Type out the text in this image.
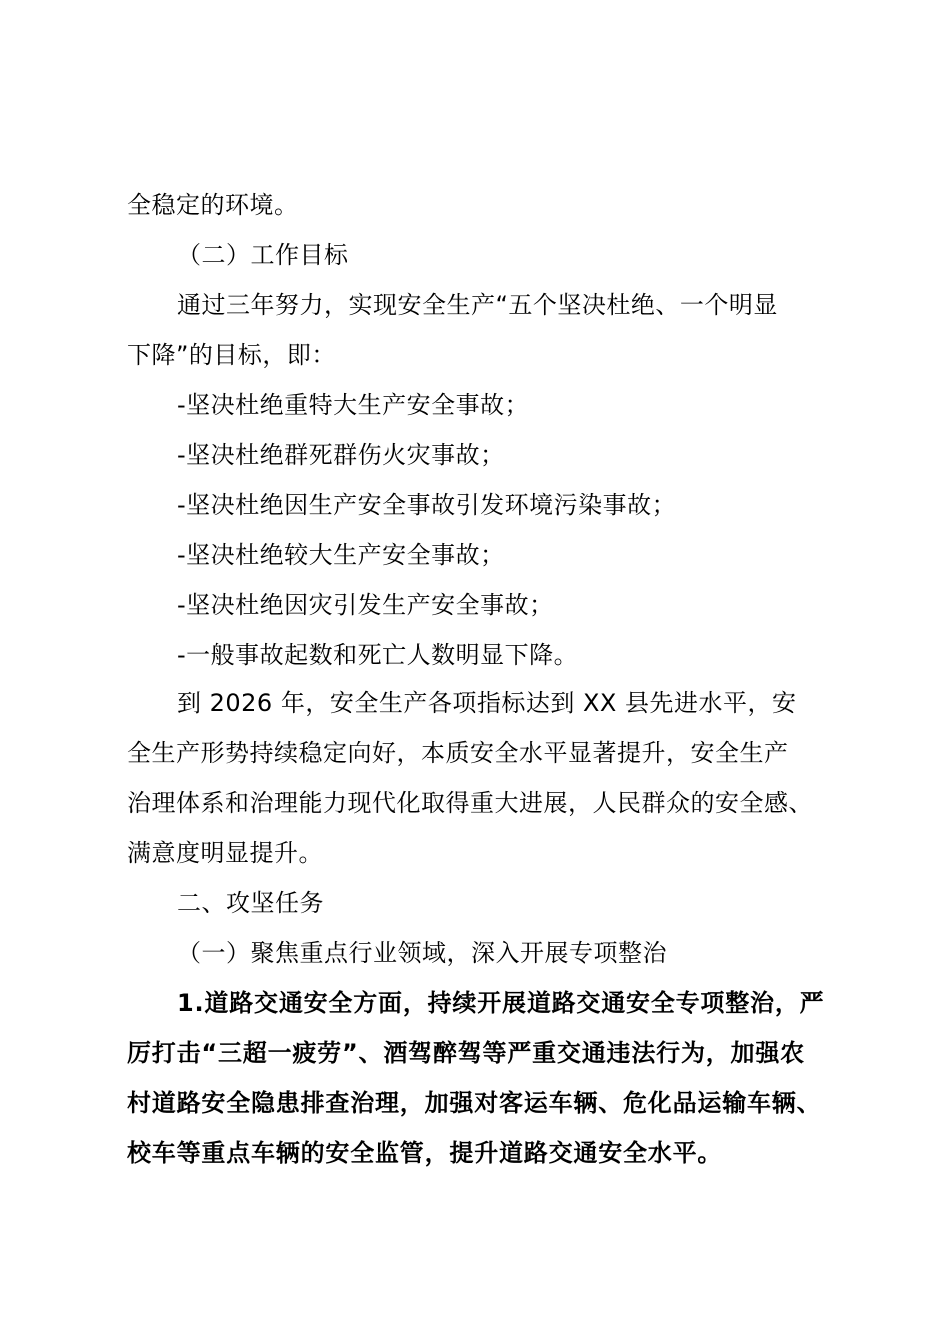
全稳定的环境。
（二）工作目标
通过三年努力，实现安全生产“五个坚决杜绝、一个明显
下降”的目标，即：
-坚决杜绝重特大生产安全事故；
-坚决杜绝群死群伤火灾事故；
-坚决杜绝因生产安全事故引发环境污染事故；
-坚决杜绝较大生产安全事故；
-坚决杜绝因灾引发生产安全事故；
-一般事故起数和死亡人数明显下降。
到 2026 年，安全生产各项指标达到 XX 县先进水平，安
全生产形势持续稳定向好，本质安全水平显著提升，安全生产
治理体系和治理能力现代化取得重大进展，人民群众的安全感、
满意度明显提升。
二、攻坚任务
（一）聚焦重点行业领域，深入开展专项整治
1.道路交通安全方面，持续开展道路交通安全专项整治，严
厉打击“三超一疲劳”、酒驾醉驾等严重交通违法行为，加强农
村道路安全隐患排查治理，加强对客运车辆、危化品运输车辆、
校车等重点车辆的安全监管，提升道路交通安全水平。
